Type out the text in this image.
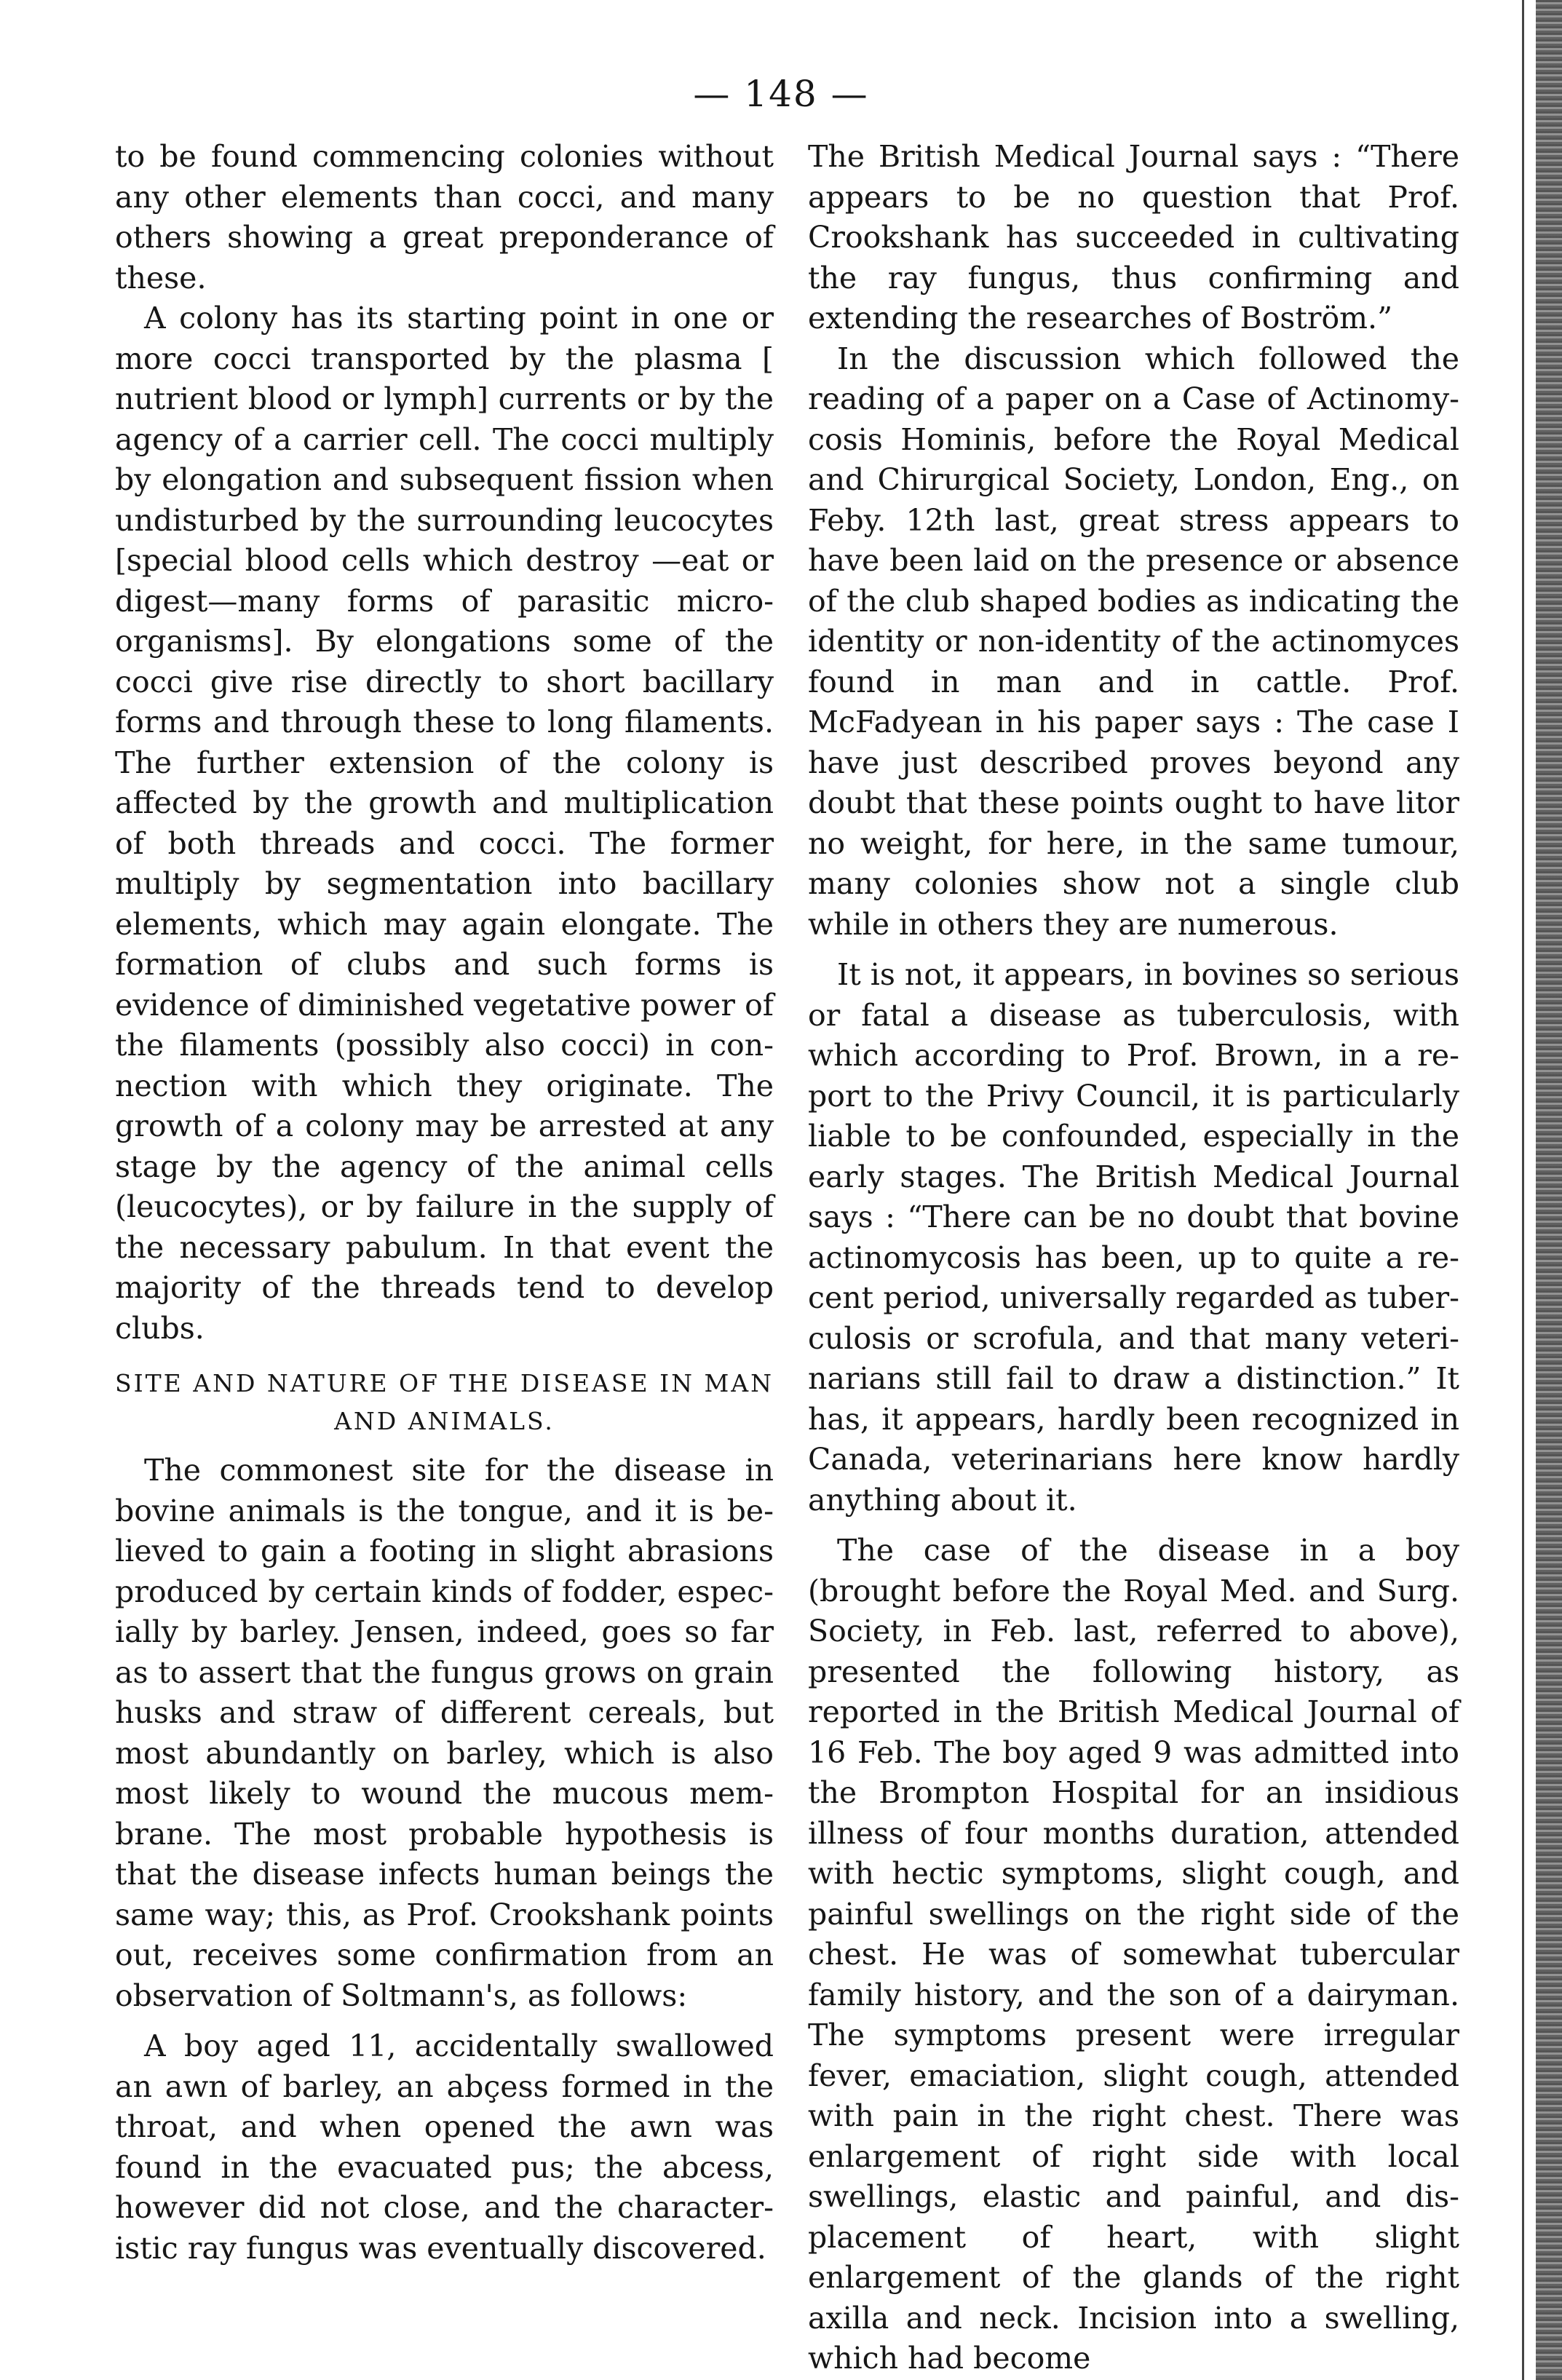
— 148 —

to be found commencing colonies without any other elements than cocci, and many others showing a great preponderance of these.

A colony has its starting point in one or more cocci transported by the plasma [ nutrient blood or lymph] currents or by the agency of a carrier cell. The cocci multiply by elongation and subsequent fission when undisturbed by the surrounding leucocytes [special blood cells which destroy —eat or digest—many forms of parasitic micro-organisms]. By elongations some of the cocci give rise directly to short bacillary forms and through these to long filaments. The further extension of the colony is affected by the growth and multiplication of both threads and cocci. The former multiply by segmentation into bacillary elements, which may again elongate. The formation of clubs and such forms is evidence of diminished vegetative power of the filaments (possibly also cocci) in connection with which they originate. The growth of a colony may be arrested at any stage by the agency of the animal cells (leucocytes), or by failure in the supply of the necessary pabulum. In that event the majority of the threads tend to develop clubs.

SITE AND NATURE OF THE DISEASE IN MAN AND ANIMALS.

The commonest site for the disease in bovine animals is the tongue, and it is believed to gain a footing in slight abrasions produced by certain kinds of fodder, especially by barley. Jensen, indeed, goes so far as to assert that the fungus grows on grain husks and straw of different cereals, but most abundantly on barley, which is also most likely to wound the mucous membrane. The most probable hypothesis is that the disease infects human beings the same way; this, as Prof. Crookshank points out, receives some confirmation from an observation of Soltmann's, as follows:

A boy aged 11, accidentally swallowed an awn of barley, an abçess formed in the throat, and when opened the awn was found in the evacuated pus; the abcess, however did not close, and the characteristic ray fungus was eventually discovered.

The British Medical Journal says : “There appears to be no question that Prof. Crookshank has succeeded in cultivating the ray fungus, thus confirming and extending the researches of Boström.”

In the discussion which followed the reading of a paper on a Case of Actinomycosis Hominis, before the Royal Medical and Chirurgical Society, London, Eng., on Feby. 12th last, great stress appears to have been laid on the presence or absence of the club shaped bodies as indicating the identity or non-identity of the actinomyces found in man and in cattle. Prof. McFadyean in his paper says : The case I have just described proves beyond any doubt that these points ought to have litor no weight, for here, in the same tumour, many colonies show not a single club while in others they are numerous.

It is not, it appears, in bovines so serious or fatal a disease as tuberculosis, with which according to Prof. Brown, in a report to the Privy Council, it is particularly liable to be confounded, especially in the early stages. The British Medical Journal says : “There can be no doubt that bovine actinomycosis has been, up to quite a recent period, universally regarded as tuberculosis or scrofula, and that many veterinarians still fail to draw a distinction.” It has, it appears, hardly been recognized in Canada, veterinarians here know hardly anything about it.

The case of the disease in a boy (brought before the Royal Med. and Surg. Society, in Feb. last, referred to above), presented the following history, as reported in the British Medical Journal of 16 Feb. The boy aged 9 was admitted into the Brompton Hospital for an insidious illness of four months duration, attended with hectic symptoms, slight cough, and painful swellings on the right side of the chest. He was of somewhat tubercular family history, and the son of a dairyman. The symptoms present were irregular fever, emaciation, slight cough, attended with pain in the right chest. There was enlargement of right side with local swellings, elastic and painful, and displacement of heart, with slight enlargement of the glands of the right axilla and neck. Incision into a swelling, which had become
